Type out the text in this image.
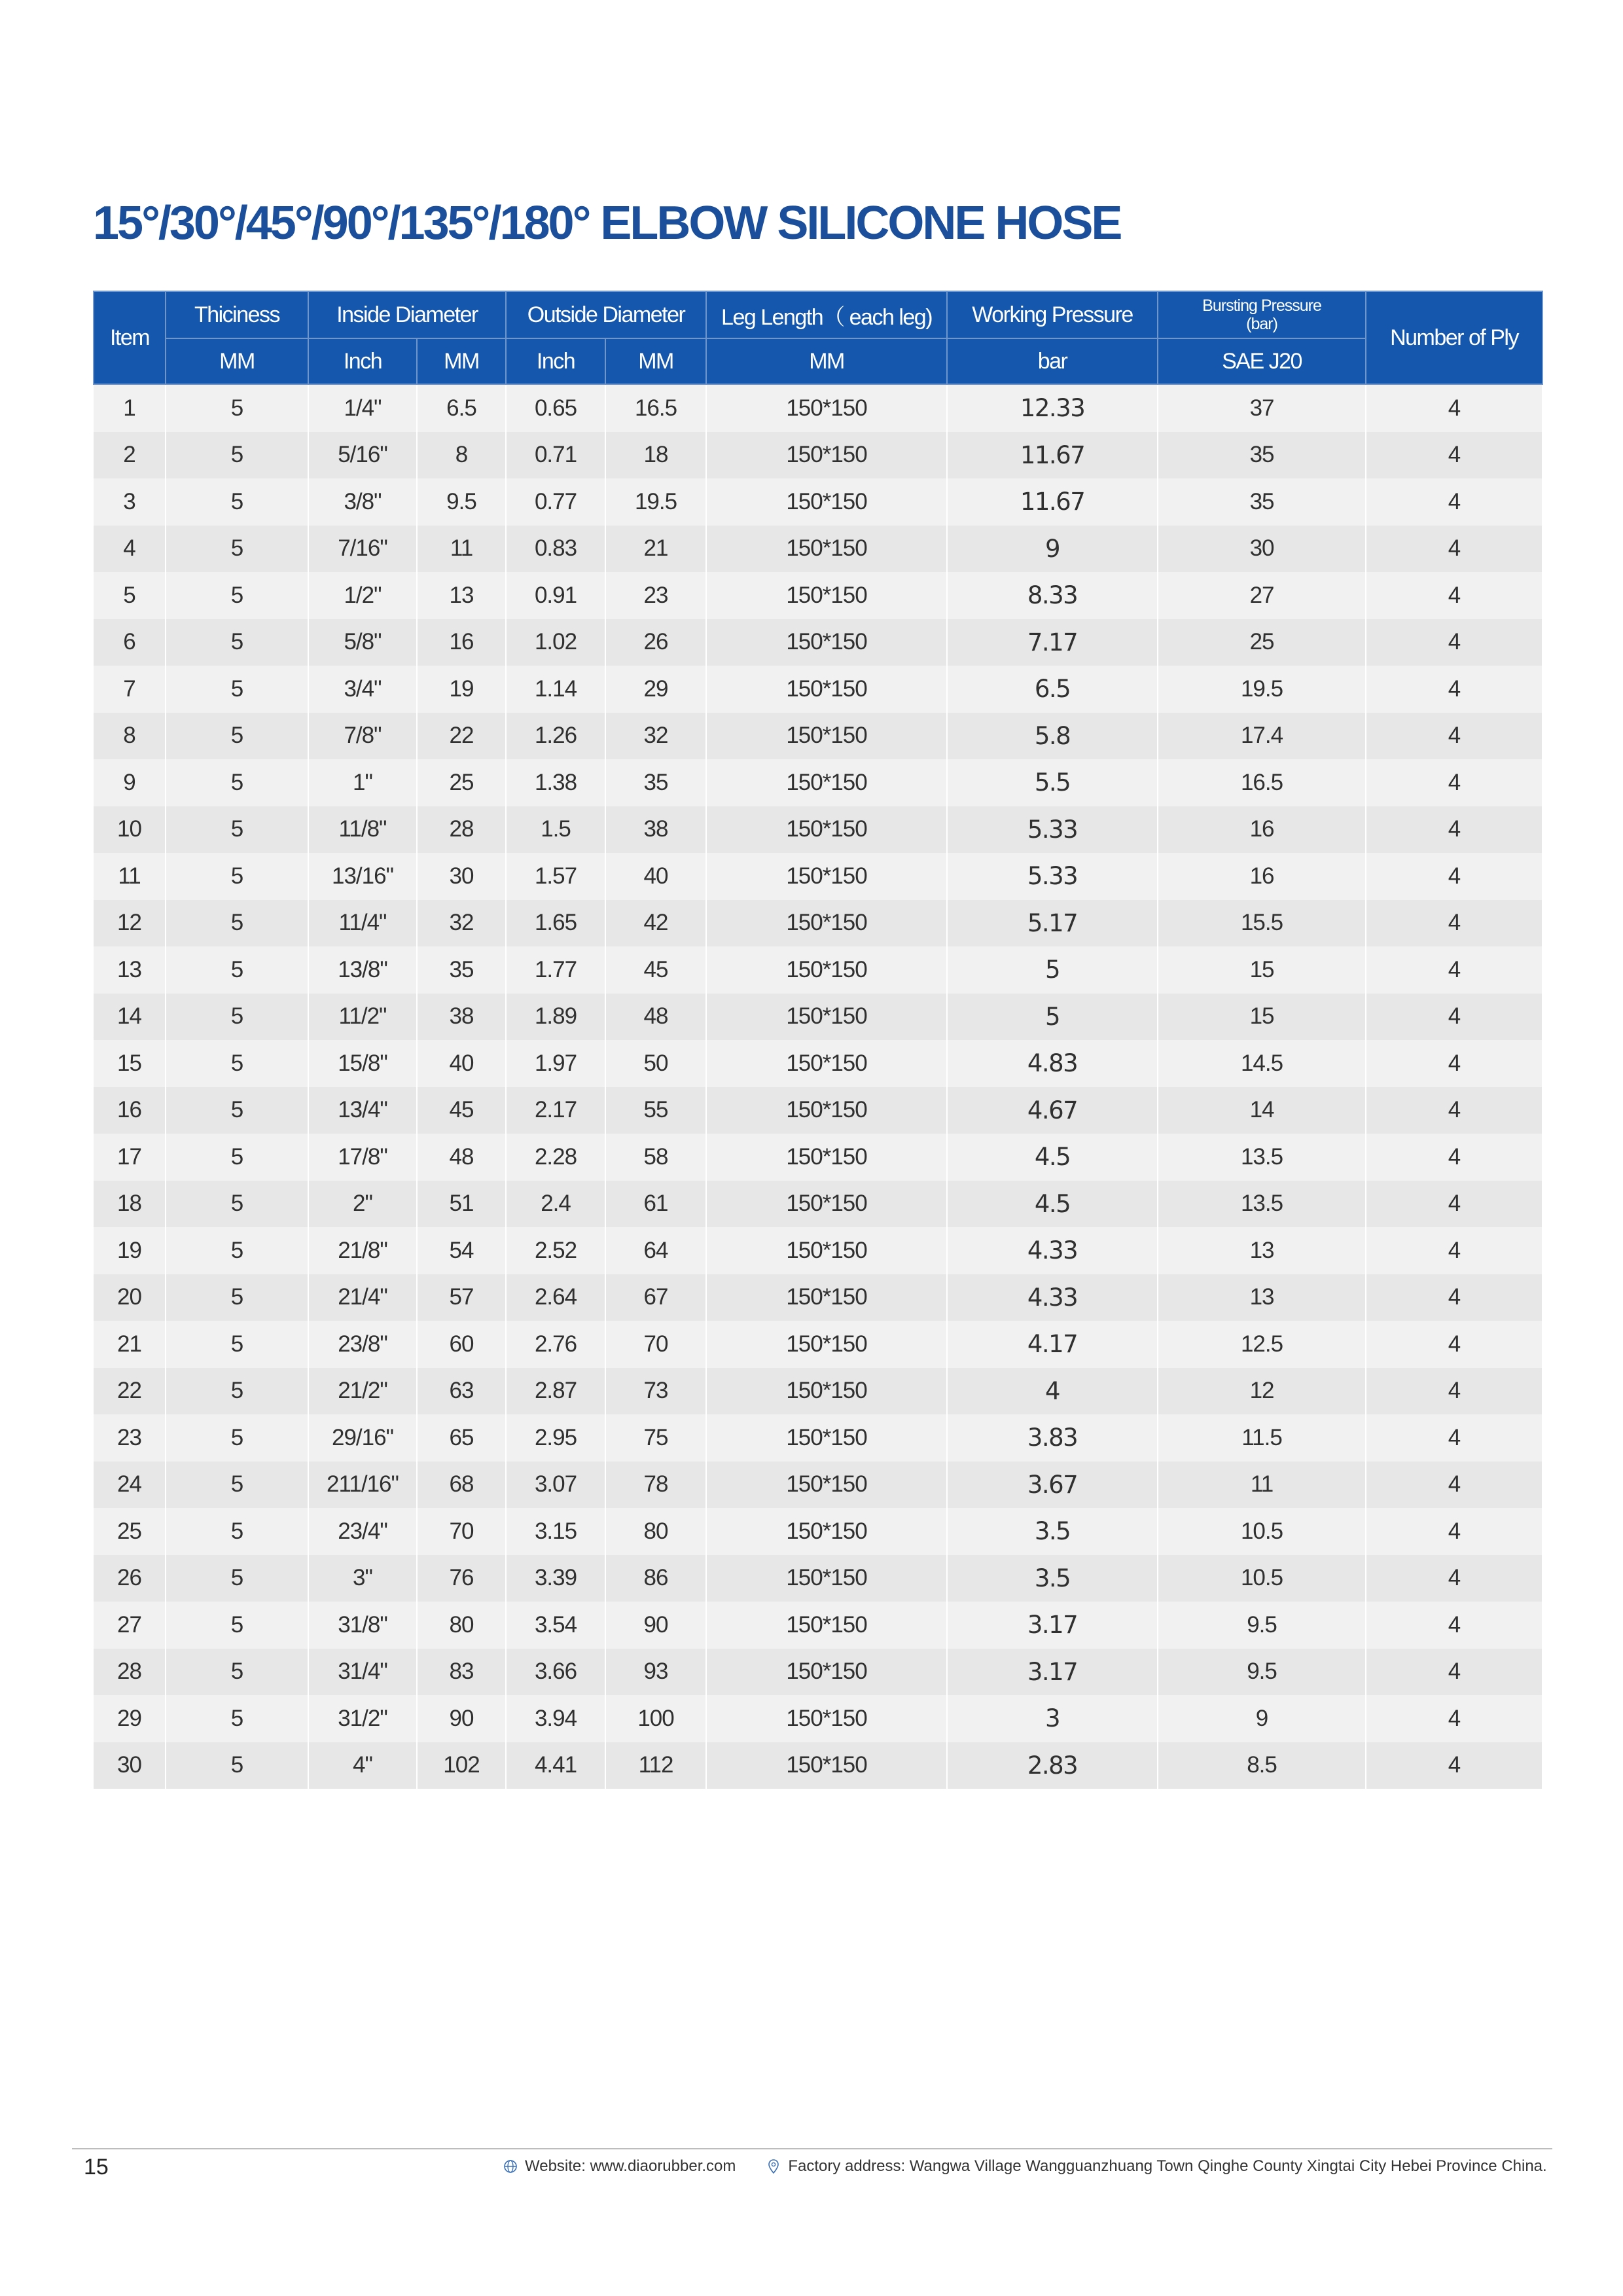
15°/30°/45°/90°/135°/180° ELBOW SILICONE HOSE
Item	Thiciness	Inside Diameter		Outside Diameter		Leg Length（ each leg)	Working Pressure	Bursting Pressure
(bar)	Number of Ply
	MM	Inch	MM	Inch	MM	MM	bar	SAE J20	
1	5	1/4"	6.5	0.65	16.5	150*150	12.33	37	4
2	5	5/16"	8	0.71	18	150*150	11.67	35	4
3	5	3/8"	9.5	0.77	19.5	150*150	11.67	35	4
4	5	7/16"	11	0.83	21	150*150	9	30	4
5	5	1/2"	13	0.91	23	150*150	8.33	27	4
6	5	5/8"	16	1.02	26	150*150	7.17	25	4
7	5	3/4"	19	1.14	29	150*150	6.5	19.5	4
8	5	7/8"	22	1.26	32	150*150	5.8	17.4	4
9	5	1"	25	1.38	35	150*150	5.5	16.5	4
10	5	11/8"	28	1.5	38	150*150	5.33	16	4
11	5	13/16"	30	1.57	40	150*150	5.33	16	4
12	5	11/4"	32	1.65	42	150*150	5.17	15.5	4
13	5	13/8"	35	1.77	45	150*150	5	15	4
14	5	11/2"	38	1.89	48	150*150	5	15	4
15	5	15/8"	40	1.97	50	150*150	4.83	14.5	4
16	5	13/4"	45	2.17	55	150*150	4.67	14	4
17	5	17/8"	48	2.28	58	150*150	4.5	13.5	4
18	5	2"	51	2.4	61	150*150	4.5	13.5	4
19	5	21/8"	54	2.52	64	150*150	4.33	13	4
20	5	21/4"	57	2.64	67	150*150	4.33	13	4
21	5	23/8"	60	2.76	70	150*150	4.17	12.5	4
22	5	21/2"	63	2.87	73	150*150	4	12	4
23	5	29/16"	65	2.95	75	150*150	3.83	11.5	4
24	5	211/16"	68	3.07	78	150*150	3.67	11	4
25	5	23/4"	70	3.15	80	150*150	3.5	10.5	4
26	5	3"	76	3.39	86	150*150	3.5	10.5	4
27	5	31/8"	80	3.54	90	150*150	3.17	9.5	4
28	5	31/4"	83	3.66	93	150*150	3.17	9.5	4
29	5	31/2"	90	3.94	100	150*150	3	9	4
30	5	4"	102	4.41	112	150*150	2.83	8.5	4
15	Website: www.diaorubber.com	Factory address: Wangwa Village Wangguanzhuang Town Qinghe County Xingtai City Hebei Province China.
